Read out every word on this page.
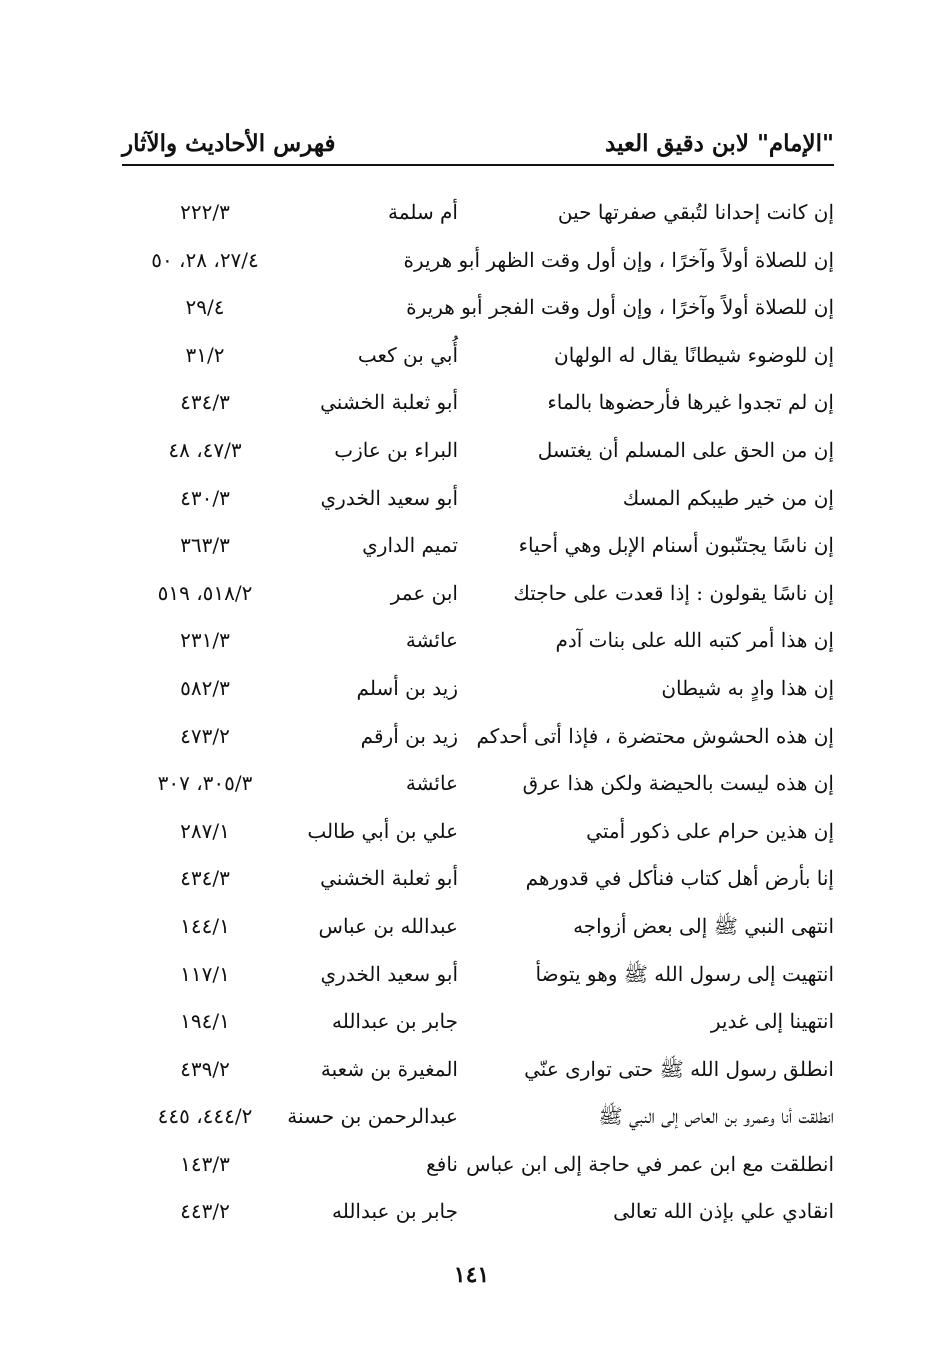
"الإمام" لابن دقيق العيد
فهرس الأحاديث والآثار
إن كانت إحدانا لتُبقي صفرتها حين
أم سلمة
٢٢٢/٣
إن للصلاة أولاً وآخرًا ، وإن أول وقت الظهر أبو هريرة
٢٧/٤، ٢٨، ٥٠
إن للصلاة أولاً وآخرًا ، وإن أول وقت الفجر أبو هريرة
٢٩/٤
إن للوضوء شيطانًا يقال له الولهان
أُبي بن كعب
٣١/٢
إن لم تجدوا غيرها فأرحضوها بالماء
أبو ثعلبة الخشني
٤٣٤/٣
إن من الحق على المسلم أن يغتسل
البراء بن عازب
٤٧/٣، ٤٨
إن من خير طيبكم المسك
أبو سعيد الخدري
٤٣٠/٣
إن ناسًا يجتنّبون أسنام الإبل وهي أحياء
تميم الداري
٣٦٣/٣
إن ناسًا يقولون : إذا قعدت على حاجتك
ابن عمر
٥١٨/٢، ٥١٩
إن هذا أمر كتبه الله على بنات آدم
عائشة
٢٣١/٣
إن هذا وادٍ به شيطان
زيد بن أسلم
٥٨٢/٣
إن هذه الحشوش محتضرة ، فإذا أتى أحدكم
زيد بن أرقم
٤٧٣/٢
إن هذه ليست بالحيضة ولكن هذا عرق
عائشة
٣٠٥/٣، ٣٠٧
إن هذين حرام على ذكور أمتي
علي بن أبي طالب
٢٨٧/١
إنا بأرض أهل كتاب فنأكل في قدورهم
أبو ثعلبة الخشني
٤٣٤/٣
انتهى النبي ﷺ إلى بعض أزواجه
عبدالله بن عباس
١٤٤/١
انتهيت إلى رسول الله ﷺ وهو يتوضأ
أبو سعيد الخدري
١١٧/١
انتهينا إلى غدير
جابر بن عبدالله
١٩٤/١
انطلق رسول الله ﷺ حتى توارى عنّي
المغيرة بن شعبة
٤٣٩/٢
انطلقت أنا وعمرو بن العاص إلى النبي ﷺ
عبدالرحمن بن حسنة
٤٤٤/٢، ٤٤٥
انطلقت مع ابن عمر في حاجة إلى ابن عباس
نافع
١٤٣/٣
انقادي علي بإذن الله تعالى
جابر بن عبدالله
٤٤٣/٢
١٤١
